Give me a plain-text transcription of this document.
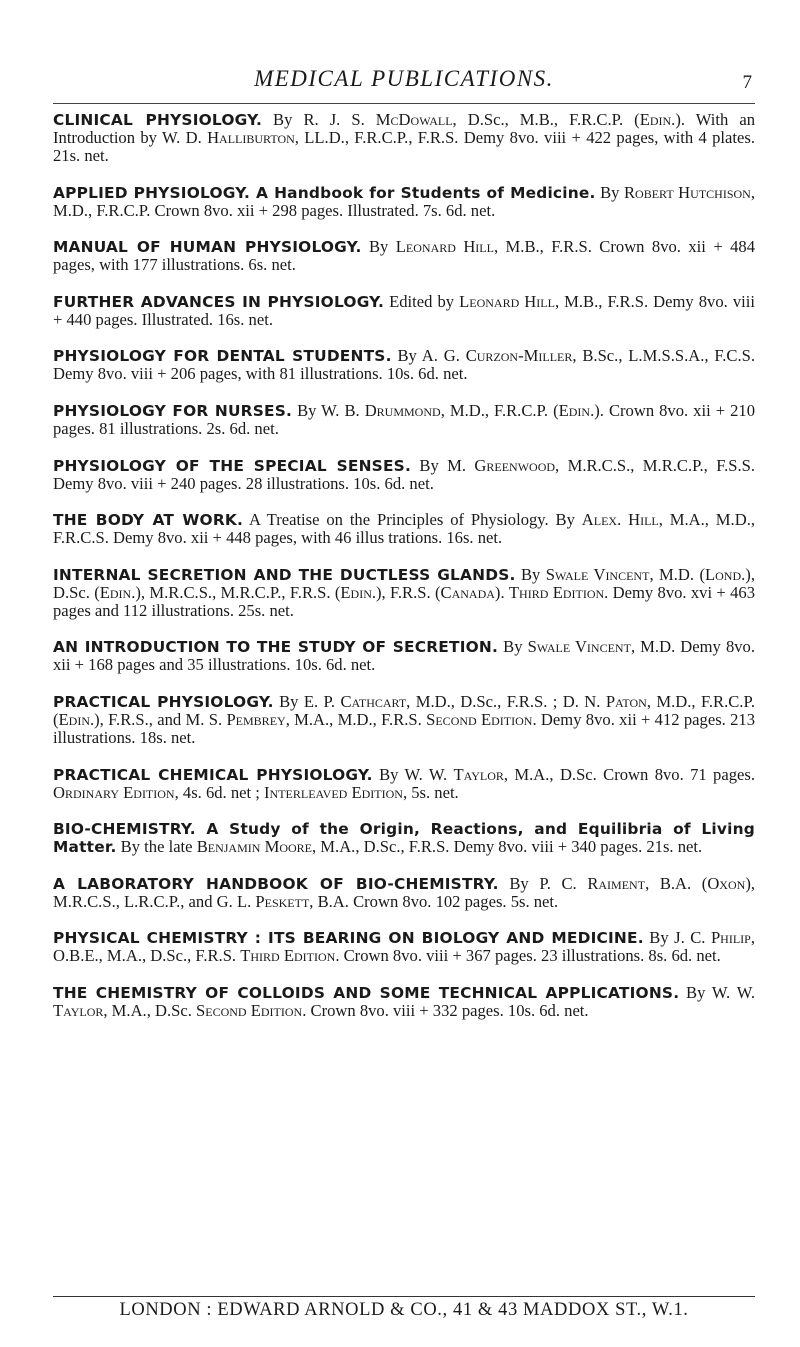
MEDICAL PUBLICATIONS.	7

CLINICAL PHYSIOLOGY. By R. J. S. McDowall, D.Sc., M.B., F.R.C.P. (Edin.). With an Introduction by W. D. Halliburton, LL.D., F.R.C.P., F.R.S. Demy 8vo. viii + 422 pages, with 4 plates. 21s. net.

APPLIED PHYSIOLOGY. A Handbook for Students of Medicine. By Robert Hutchison, M.D., F.R.C.P. Crown 8vo. xii + 298 pages. Illustrated. 7s. 6d. net.

MANUAL OF HUMAN PHYSIOLOGY. By Leonard Hill, M.B., F.R.S. Crown 8vo. xii + 484 pages, with 177 illustrations. 6s. net.

FURTHER ADVANCES IN PHYSIOLOGY. Edited by Leonard Hill, M.B., F.R.S. Demy 8vo. viii + 440 pages. Illustrated. 16s. net.

PHYSIOLOGY FOR DENTAL STUDENTS. By A. G. Curzon-Miller, B.Sc., L.M.S.S.A., F.C.S. Demy 8vo. viii + 206 pages, with 81 illustrations. 10s. 6d. net.

PHYSIOLOGY FOR NURSES. By W. B. Drummond, M.D., F.R.C.P. (Edin.). Crown 8vo. xii + 210 pages. 81 illustrations. 2s. 6d. net.

PHYSIOLOGY OF THE SPECIAL SENSES. By M. Greenwood, M.R.C.S., M.R.C.P., F.S.S. Demy 8vo. viii + 240 pages. 28 illustrations. 10s. 6d. net.

THE BODY AT WORK. A Treatise on the Principles of Physiology. By Alex. Hill, M.A., M.D., F.R.C.S. Demy 8vo. xii + 448 pages, with 46 illus trations. 16s. net.

INTERNAL SECRETION AND THE DUCTLESS GLANDS. By Swale Vincent, M.D. (Lond.), D.Sc. (Edin.), M.R.C.S., M.R.C.P., F.R.S. (Edin.), F.R.S. (Canada). Third Edition. Demy 8vo. xvi + 463 pages and 112 illustrations. 25s. net.

AN INTRODUCTION TO THE STUDY OF SECRETION. By Swale Vincent, M.D. Demy 8vo. xii + 168 pages and 35 illustrations. 10s. 6d. net.

PRACTICAL PHYSIOLOGY. By E. P. Cathcart, M.D., D.Sc., F.R.S. ; D. N. Paton, M.D., F.R.C.P. (Edin.), F.R.S., and M. S. Pembrey, M.A., M.D., F.R.S. Second Edition. Demy 8vo. xii + 412 pages. 213 illustrations. 18s. net.

PRACTICAL CHEMICAL PHYSIOLOGY. By W. W. Taylor, M.A., D.Sc. Crown 8vo. 71 pages. Ordinary Edition, 4s. 6d. net ; Interleaved Edition, 5s. net.

BIO-CHEMISTRY. A Study of the Origin, Reactions, and Equilibria of Living Matter. By the late Benjamin Moore, M.A., D.Sc., F.R.S. Demy 8vo. viii + 340 pages. 21s. net.

A LABORATORY HANDBOOK OF BIO-CHEMISTRY. By P. C. Raiment, B.A. (Oxon), M.R.C.S., L.R.C.P., and G. L. Peskett, B.A. Crown 8vo. 102 pages. 5s. net.

PHYSICAL CHEMISTRY : ITS BEARING ON BIOLOGY AND MEDICINE. By J. C. Philip, O.B.E., M.A., D.Sc., F.R.S. Third Edition. Crown 8vo. viii + 367 pages. 23 illustrations. 8s. 6d. net.

THE CHEMISTRY OF COLLOIDS AND SOME TECHNICAL APPLICATIONS. By W. W. Taylor, M.A., D.Sc. Second Edition. Crown 8vo. viii + 332 pages. 10s. 6d. net.

LONDON : EDWARD ARNOLD & CO., 41 & 43 MADDOX ST., W.1.
